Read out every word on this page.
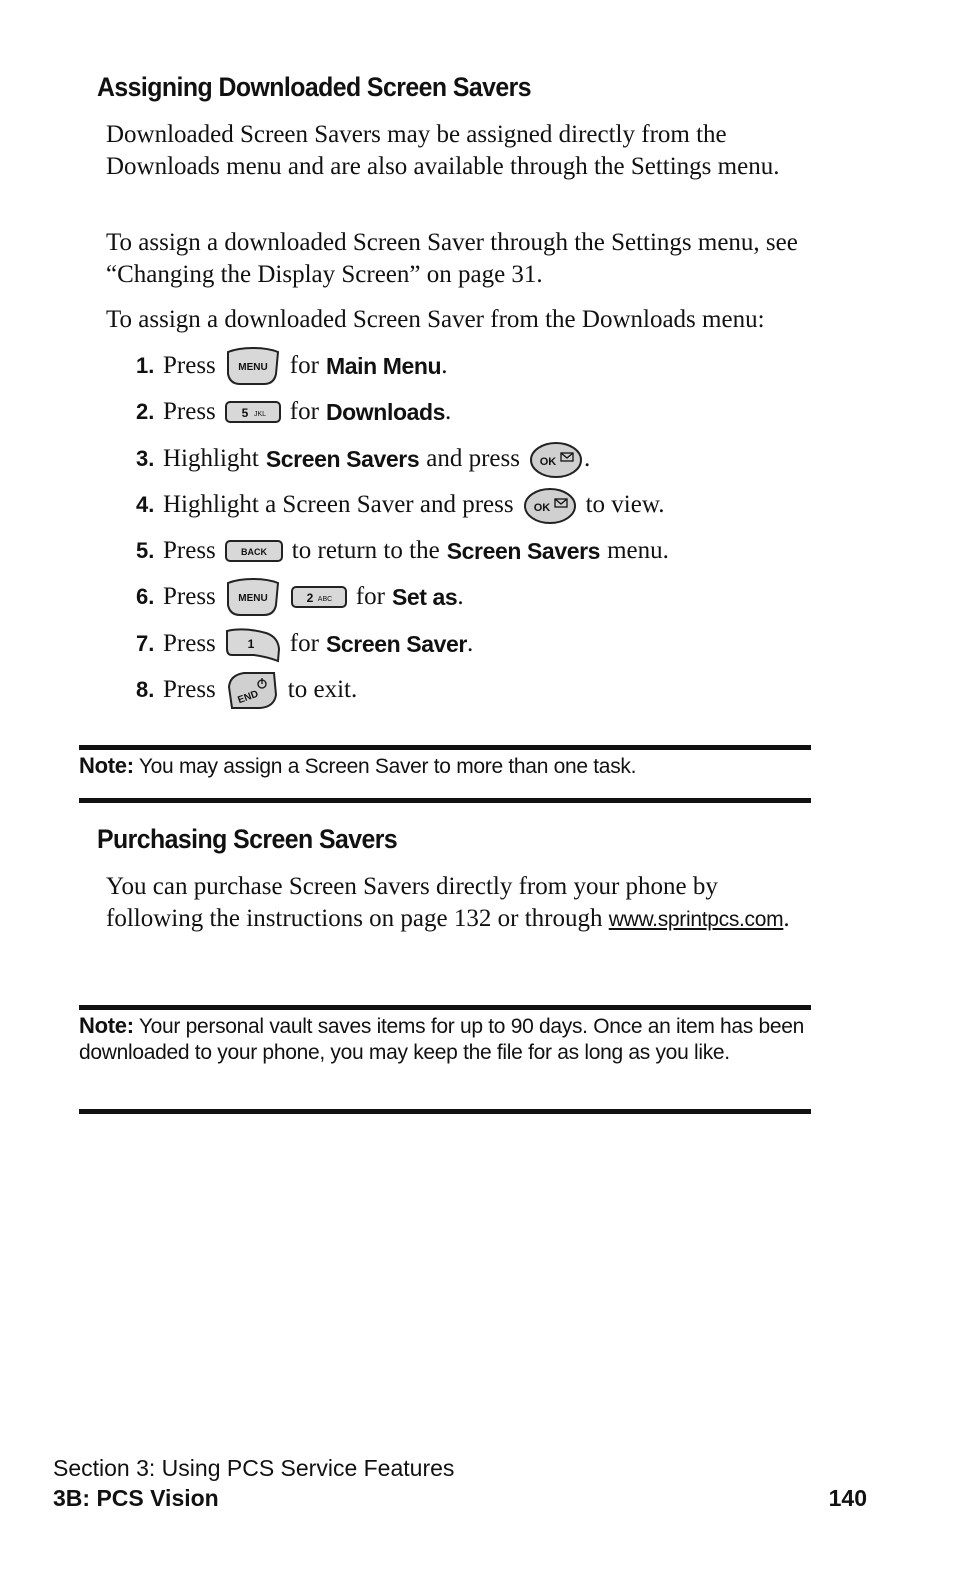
Assigning Downloaded Screen Savers
Downloaded Screen Savers may be assigned directly from the Downloads menu and are also available through the Settings menu.
To assign a downloaded Screen Saver through the Settings menu, see “Changing the Display Screen” on page 31.
To assign a downloaded Screen Saver from the Downloads menu:
1. Press MENU for Main Menu .
2. Press 5 JKL for Downloads .
3. Highlight Screen Savers and press OK .
4. Highlight a Screen Saver and press OK to view.
5. Press	BACK to return to the Screen Savers menu.
6. Press MENU	2 ABC for Set as .
7. Press	1 for Screen Saver .
8. Press END to exit.
Note: You may assign a Screen Saver to more than one task.
Purchasing Screen Savers
You can purchase Screen Savers directly from your phone by following the instructions on page 132 or through www.sprintpcs.com.
Note: Your personal vault saves items for up to 90 days. Once an item has been downloaded to your phone, you may keep the file for as long as you like.
Section 3: Using PCS Service Features
3B: PCS Vision	140
